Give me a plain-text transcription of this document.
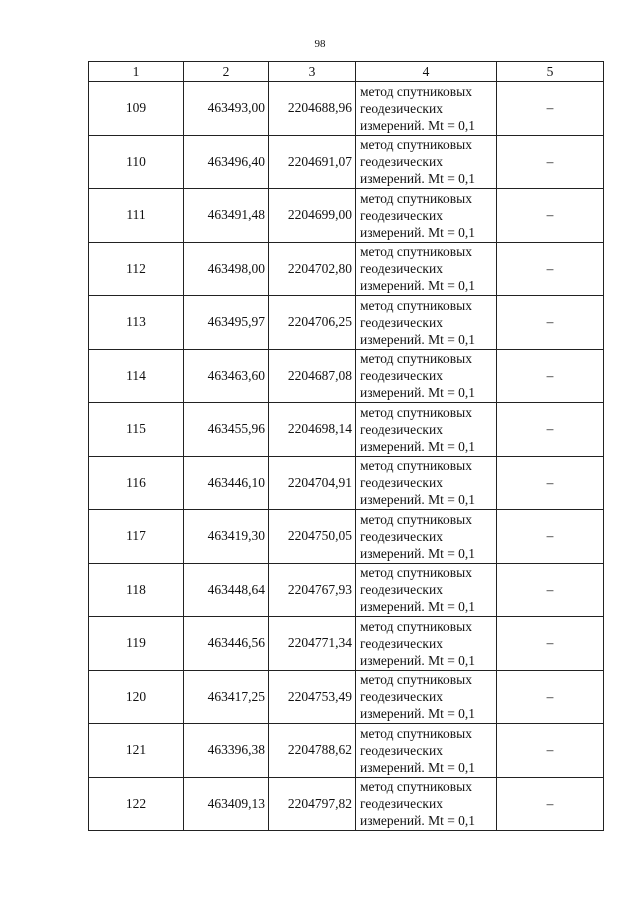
98
1	2	3	4	5
109	463493,00	2204688,96	метод спутниковых
геодезических
измерений. Mt = 0,1	–
110	463496,40	2204691,07	метод спутниковых
геодезических
измерений. Mt = 0,1	–
111	463491,48	2204699,00	метод спутниковых
геодезических
измерений. Mt = 0,1	–
112	463498,00	2204702,80	метод спутниковых
геодезических
измерений. Mt = 0,1	–
113	463495,97	2204706,25	метод спутниковых
геодезических
измерений. Mt = 0,1	–
114	463463,60	2204687,08	метод спутниковых
геодезических
измерений. Mt = 0,1	–
115	463455,96	2204698,14	метод спутниковых
геодезических
измерений. Mt = 0,1	–
116	463446,10	2204704,91	метод спутниковых
геодезических
измерений. Mt = 0,1	–
117	463419,30	2204750,05	метод спутниковых
геодезических
измерений. Mt = 0,1	–
118	463448,64	2204767,93	метод спутниковых
геодезических
измерений. Mt = 0,1	–
119	463446,56	2204771,34	метод спутниковых
геодезических
измерений. Mt = 0,1	–
120	463417,25	2204753,49	метод спутниковых
геодезических
измерений. Mt = 0,1	–
121	463396,38	2204788,62	метод спутниковых
геодезических
измерений. Mt = 0,1	–
122	463409,13	2204797,82	метод спутниковых
геодезических
измерений. Mt = 0,1	–
